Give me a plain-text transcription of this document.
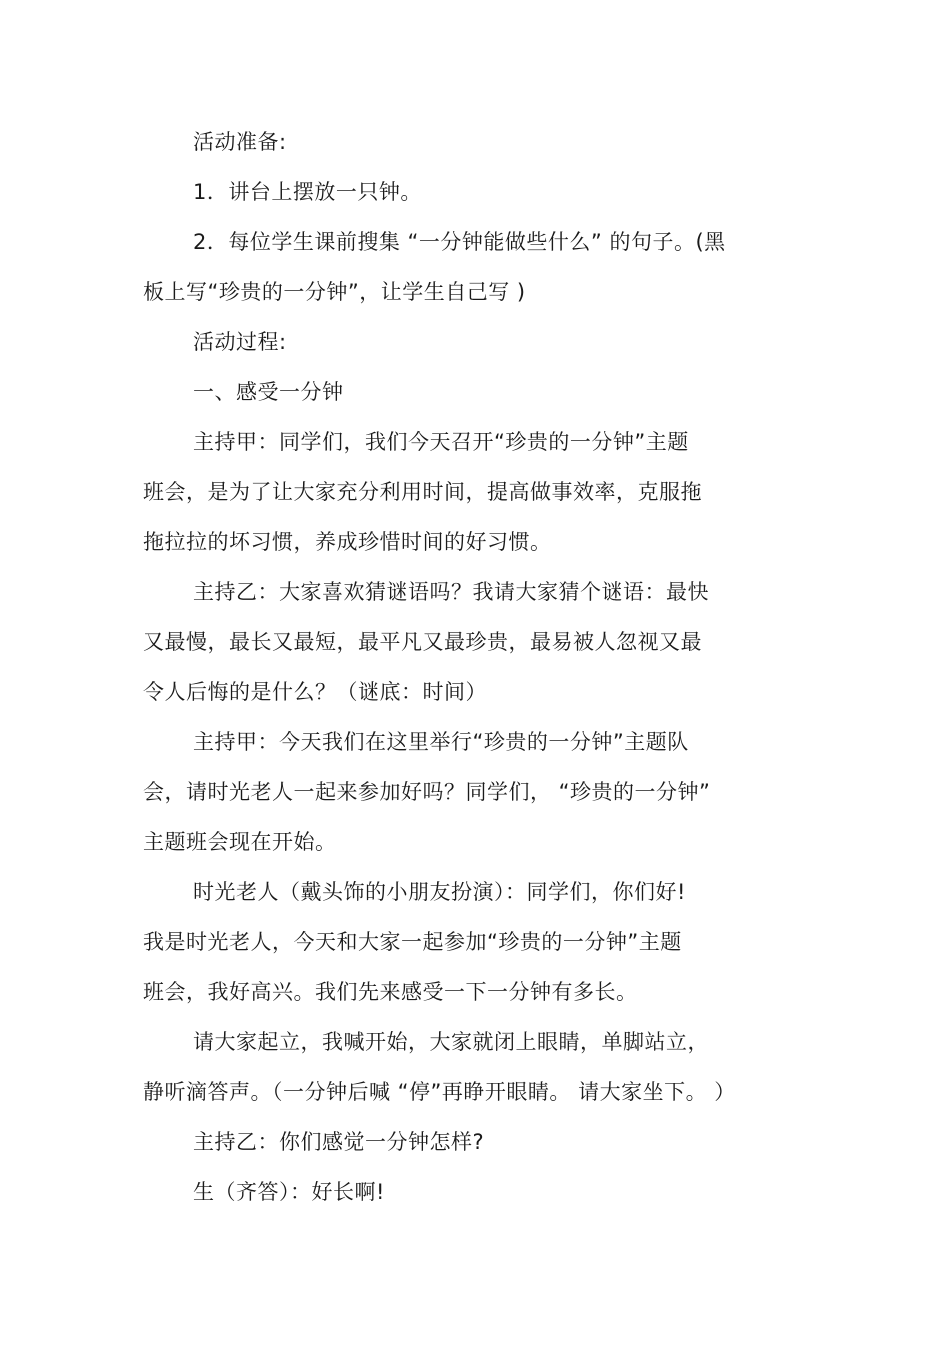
活动准备:
1．讲台上摆放一只钟。
2．每位学生课前搜集 “一分钟能做些什么” 的句子。(黑
板上写“珍贵的一分钟”，让学生自己写 )
活动过程:
一、感受一分钟
主持甲：同学们，我们今天召开“珍贵的一分钟”主题
班会，是为了让大家充分利用时间，提高做事效率，克服拖
拖拉拉的坏习惯，养成珍惜时间的好习惯。
主持乙：大家喜欢猜谜语吗？我请大家猜个谜语：最快
又最慢，最长又最短，最平凡又最珍贵，最易被人忽视又最
令人后悔的是什么？（谜底：时间）
主持甲：今天我们在这里举行“珍贵的一分钟”主题队
会，请时光老人一起来参加好吗？同学们， “珍贵的一分钟”
主题班会现在开始。
时光老人（戴头饰的小朋友扮演）：同学们，你们好!
我是时光老人，今天和大家一起参加“珍贵的一分钟”主题
班会，我好高兴。我们先来感受一下一分钟有多长。
请大家起立，我喊开始，大家就闭上眼睛，单脚站立，
静听滴答声。（一分钟后喊 “停”再睁开眼睛。 请大家坐下。 ）
主持乙：你们感觉一分钟怎样?
生（齐答）：好长啊!
